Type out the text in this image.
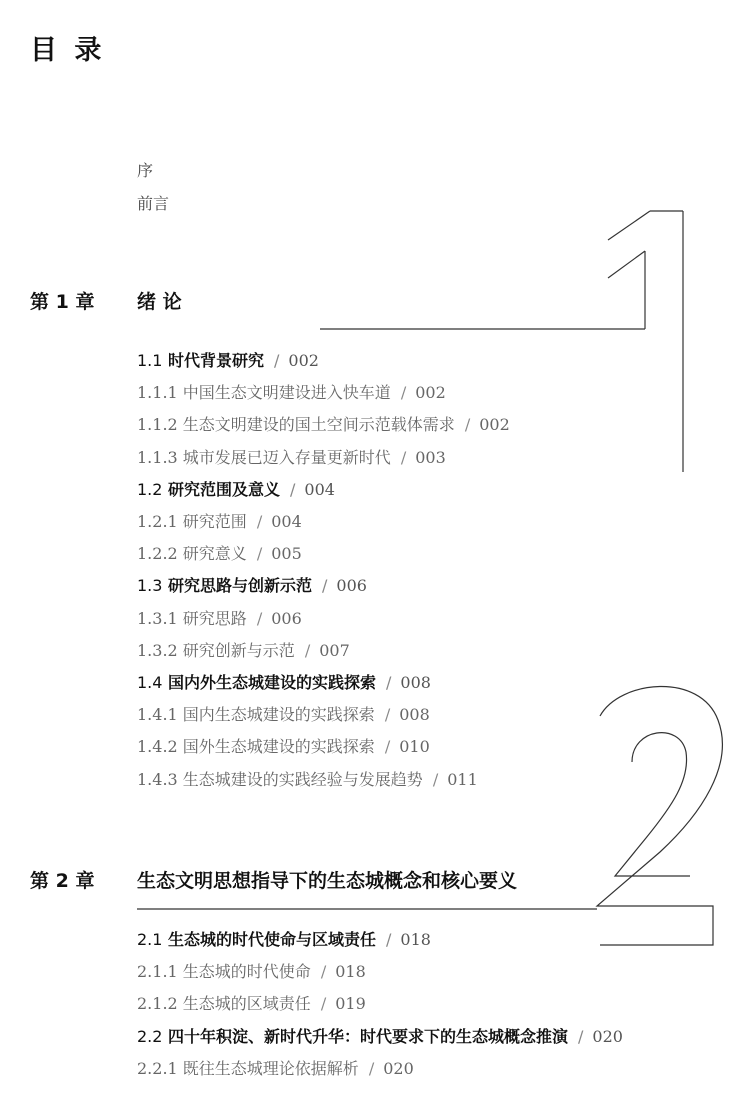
目 录
序
前言
第 1 章 绪 论
第 2 章 生态文明思想指导下的生态城概念和核心要义
1.1 时代背景研究 / 002
1.1.1 中国生态文明建设进入快车道 / 002
1.1.2 生态文明建设的国土空间示范载体需求 / 002
1.1.3 城市发展已迈入存量更新时代 / 003
1.2 研究范围及意义 / 004
1.2.1 研究范围 / 004
1.2.2 研究意义 / 005
1.3 研究思路与创新示范 / 006
1.3.1 研究思路 / 006
1.3.2 研究创新与示范 / 007
1.4 国内外生态城建设的实践探索 / 008
1.4.1 国内生态城建设的实践探索 / 008
1.4.2 国外生态城建设的实践探索 / 010
1.4.3 生态城建设的实践经验与发展趋势 / 011
2.1 生态城的时代使命与区域责任 / 018
2.1.1 生态城的时代使命 / 018
2.1.2 生态城的区域责任 / 019
2.2 四十年积淀、新时代升华：时代要求下的生态城概念推演 / 020
2.2.1 既往生态城理论依据解析 / 020
